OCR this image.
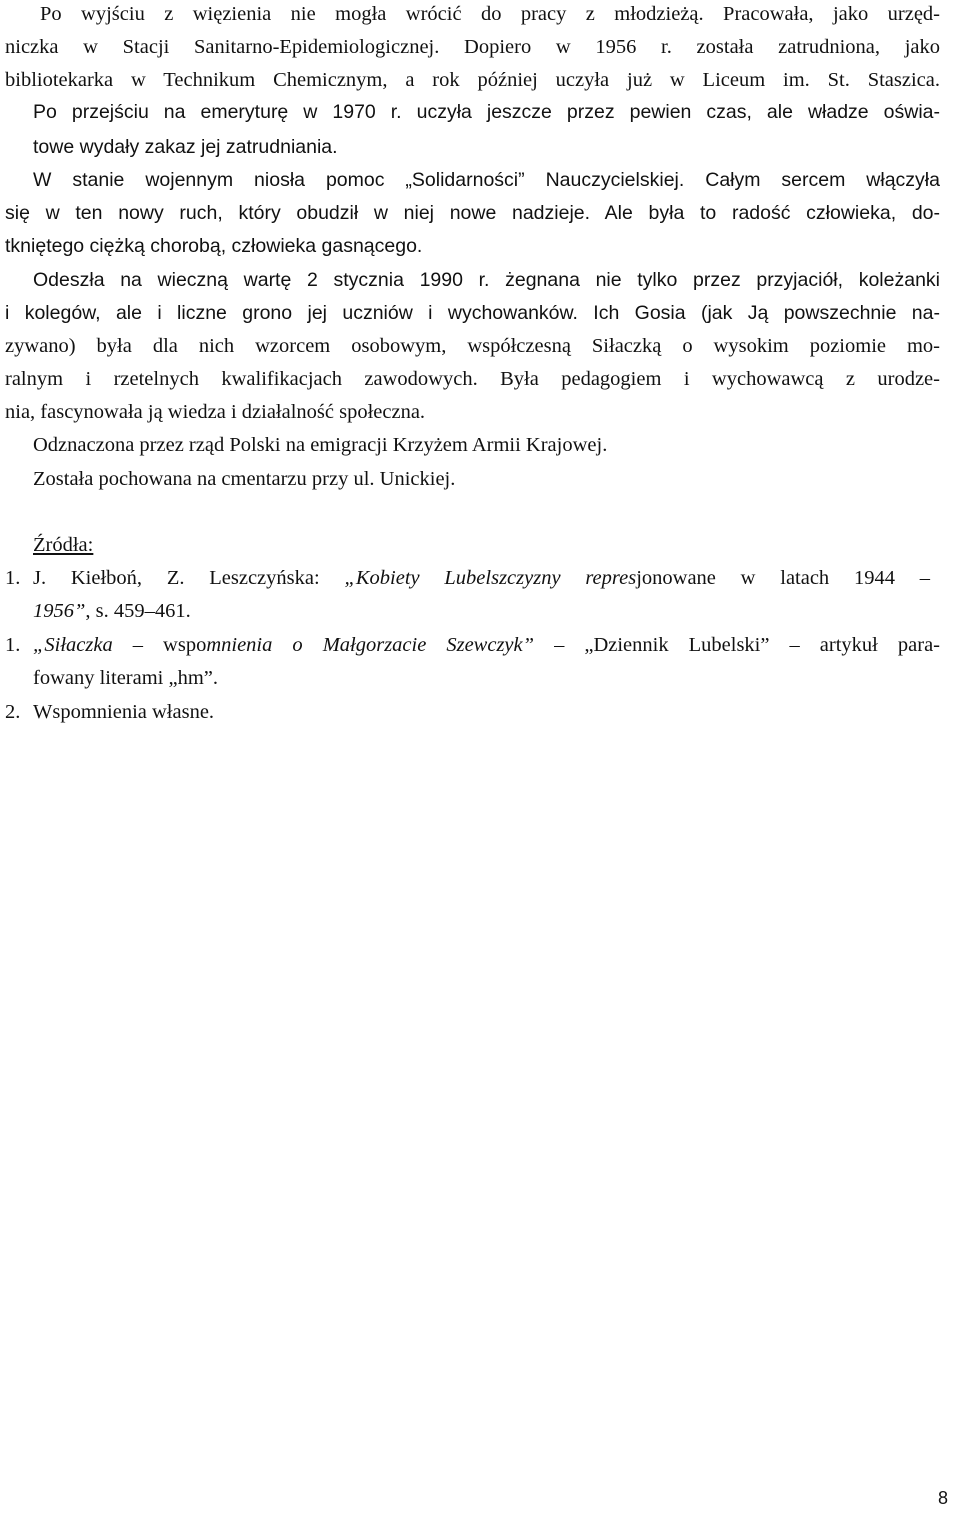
Po wyjściu z więzienia nie mogła wrócić do pracy z młodzieżą. Pracowała, jako urzęd-
niczka w Stacji Sanitarno-Epidemiologicznej. Dopiero w 1956 r. została zatrudniona, jako
bibliotekarka w Technikum Chemicznym, a rok później uczyła już w Liceum im. St. Staszica.
Po przejściu na emeryturę w 1970 r. uczyła jeszcze przez pewien czas, ale władze oświa-
towe wydały zakaz jej zatrudniania.
W stanie wojennym niosła pomoc „Solidarności” Nauczycielskiej. Całym sercem włączyła
się w ten nowy ruch, który obudził w niej nowe nadzieje. Ale była to radość człowieka, do-
tkniętego ciężką chorobą, człowieka gasnącego.
Odeszła na wieczną wartę 2 stycznia 1990 r. żegnana nie tylko przez przyjaciół, koleżanki
i kolegów, ale i liczne grono jej uczniów i wychowanków. Ich Gosia (jak Ją powszechnie na-
zywano) była dla nich wzorcem osobowym, współczesną Siłaczką o wysokim poziomie mo-
ralnym i rzetelnych kwalifikacjach zawodowych. Była pedagogiem i wychowawcą z urodze-
nia, fascynowała ją wiedza i działalność społeczna.
Odznaczona przez rząd Polski na emigracji Krzyżem Armii Krajowej.
Została pochowana na cmentarzu przy ul. Unickiej.
Źródła:
1. J. Kiełboń, Z. Leszczyńska: „Kobiety Lubelszczyzny represjonowane w latach 1944 –
1956”, s. 459–461.
1. „Siłaczka – wspomnienia o Małgorzacie Szewczyk” – „Dziennik Lubelski” – artykuł para-
fowany literami „hm”.
2. Wspomnienia własne.
8
